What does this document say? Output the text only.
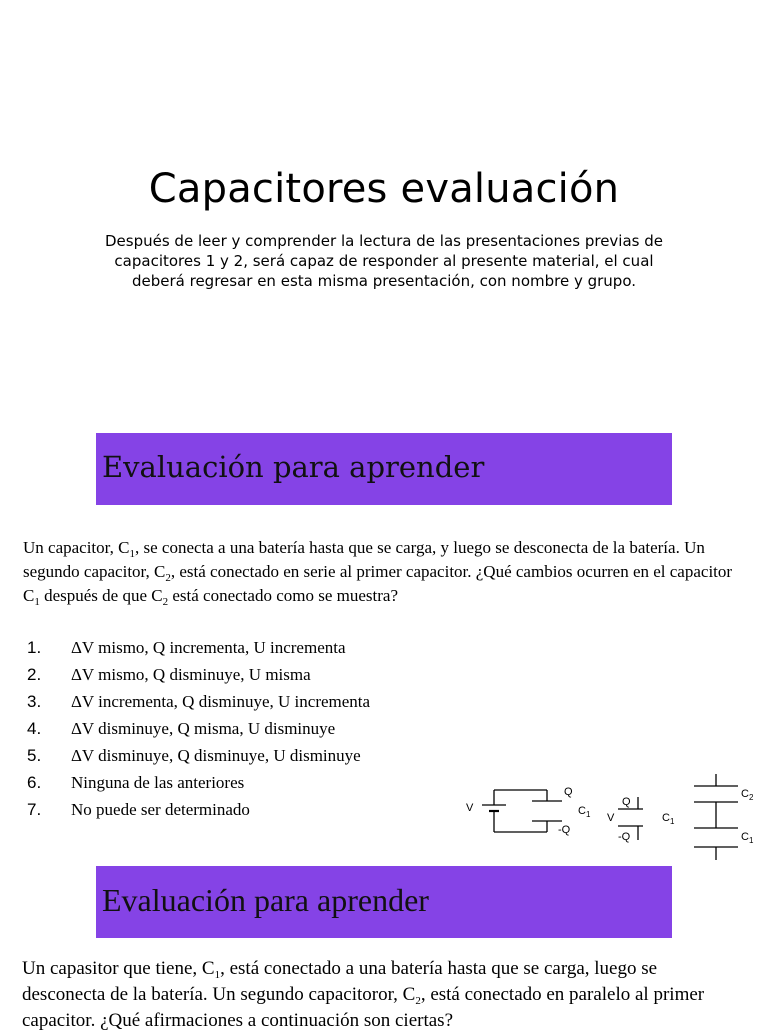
Capacitores evaluación

Después de leer y comprender la lectura de las presentaciones previas de capacitores 1 y 2, será capaz de responder al presente material, el cual deberá regresar en esta misma presentación, con nombre y grupo.

Evaluación para aprender

Un capacitor, $C_1$, se conecta a una batería hasta que se carga, y luego se desconecta de la batería. Un segundo capacitor, $C_2$, está conectado en serie al primer capacitor. ¿Qué cambios ocurren en el capacitor $C_1$ después de que $C_2$ está conectado como se muestra?

1.	ΔV mismo, Q incrementa, U incrementa
2.	ΔV mismo, Q disminuye, U misma
3.	ΔV incrementa, Q disminuye, U incrementa
4.	ΔV disminuye, Q misma, U disminuye
5.	ΔV disminuye, Q disminuye, U disminuye
6.	Ninguna de las anteriores
7.	No puede ser determinado	V
Q
$C_1$
-Q
V
Q
-Q
$C_1$
$C_2$
$C_1$
Evaluación para aprender

Un capasitor que tiene, $C_1$, está conectado a una batería hasta que se carga, luego se desconecta de la batería. Un segundo capacitoror, $C_2$, está conectado en paralelo al primer capacitor. ¿Qué afirmaciones a continuación son ciertas?
